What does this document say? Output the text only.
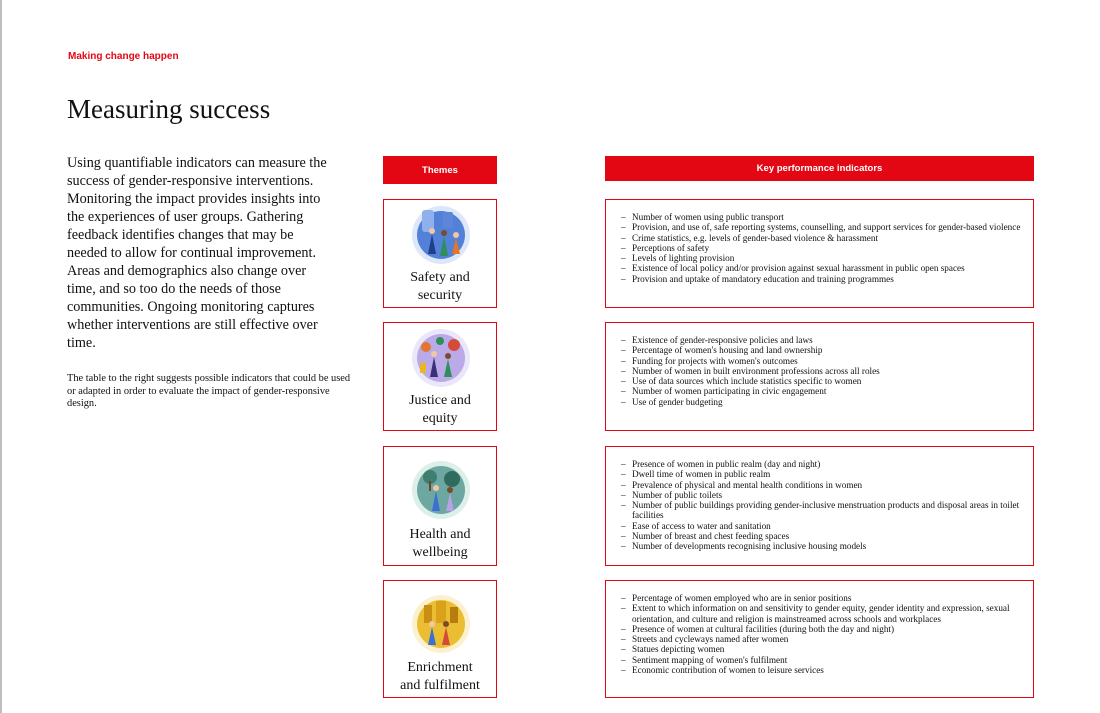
Making change happen
Measuring success

Using quantifiable indicators can measure the success of gender-responsive interventions. Monitoring the impact provides insights into the experiences of user groups. Gathering feedback identifies changes that may be needed to allow for continual improvement. Areas and demographics also change over time, and so too do the needs of those communities. Ongoing monitoring captures whether interventions are still effective over time.

The table to the right suggests possible indicators that could be used or adapted in order to evaluate the impact of gender-responsive design.

Themes	Key performance indicators
Safety and
security
– Number of women using public transport
– Provision, and use of, safe reporting systems, counselling, and support services for gender-based violence
– Crime statistics, e.g. levels of gender-based violence & harassment
– Perceptions of safety
– Levels of lighting provision
– Existence of local policy and/or provision against sexual harassment in public open spaces
– Provision and uptake of mandatory education and training programmes
Justice and
equity
– Existence of gender-responsive policies and laws
– Percentage of women's housing and land ownership
– Funding for projects with women's outcomes
– Number of women in built environment professions across all roles
– Use of data sources which include statistics specific to women
– Number of women participating in civic engagement
– Use of gender budgeting
Health and
wellbeing
– Presence of women in public realm (day and night)
– Dwell time of women in public realm
– Prevalence of physical and mental health conditions in women
– Number of public toilets
– Number of public buildings providing gender-inclusive menstruation products and disposal areas in toilet facilities
– Ease of access to water and sanitation
– Number of breast and chest feeding spaces
– Number of developments recognising inclusive housing models
Enrichment
and fulfilment
– Percentage of women employed who are in senior positions
– Extent to which information on and sensitivity to gender equity, gender identity and expression, sexual orientation, and culture and religion is mainstreamed across schools and workplaces
– Presence of women at cultural facilities (during both the day and night)
– Streets and cycleways named after women
– Statues depicting women
– Sentiment mapping of women's fulfilment
– Economic contribution of women to leisure services
